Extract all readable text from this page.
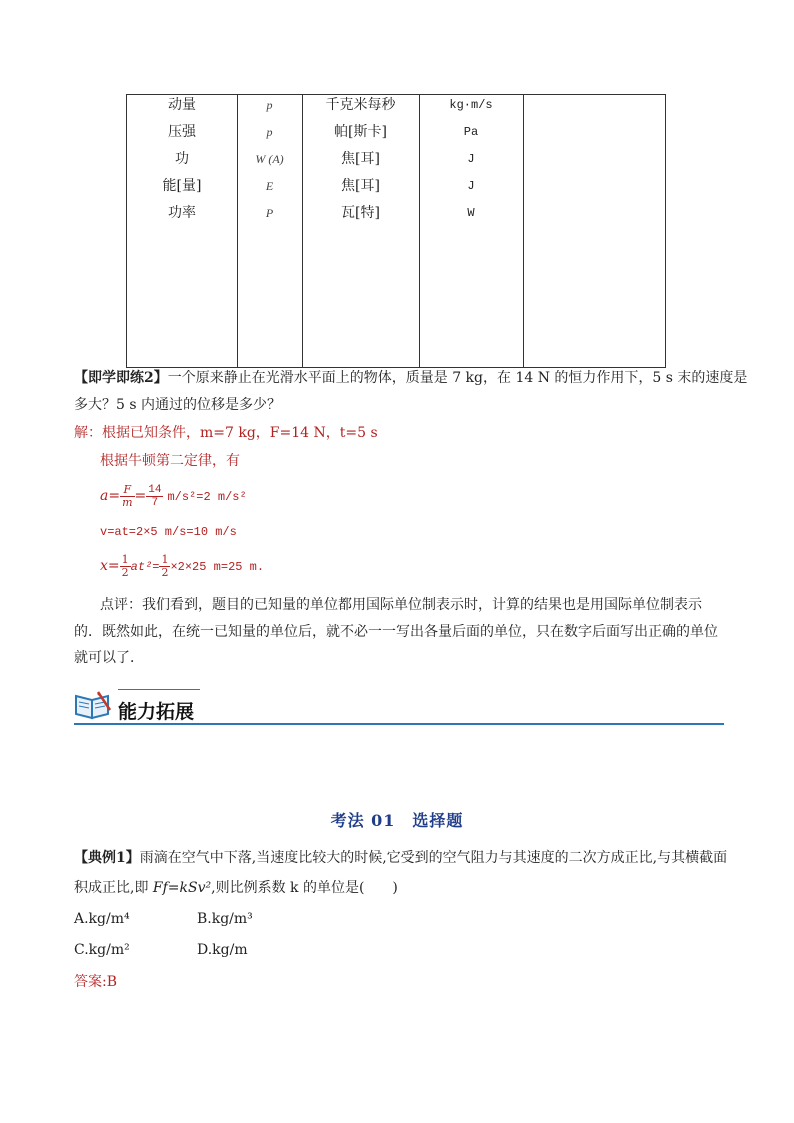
动量	p	千克米每秒	kg·m/s
压强	p	帕[斯卡]	Pa
功	W (A)	焦[耳]	J
能[量]	E	焦[耳]	J
功率	P	瓦[特]	W
【即学即练2】一个原来静止在光滑水平面上的物体，质量是 7 kg，在 14 N 的恒力作用下，5 s 末的速度是
多大？5 s 内通过的位移是多少？
解：根据已知条件，m=7 kg，F=14 N，t=5 s
根据牛顿第二定律，有
$a= \frac{F}{m} = \frac{14}{7} m/s^2=2$ m/s²
v=at=2×5 m/s=10 m/s
$x= \frac{1}{2} at^2= \frac{1}{2} \times 2\times 25$ m=25 m.
点评：我们看到，题目的已知量的单位都用国际单位制表示时，计算的结果也是用国际单位制表示
的．既然如此，在统一已知量的单位后，就不必一一写出各量后面的单位，只在数字后面写出正确的单位
就可以了．
能力拓展
考法 01　选择题
【典例1】雨滴在空气中下落,当速度比较大的时候,它受到的空气阻力与其速度的二次方成正比,与其横截面
积成正比,即 Ff=kSv²,则比例系数 k 的单位是(　　)
A.kg/m⁴	B.kg/m³
C.kg/m²	D.kg/m
答案:B
